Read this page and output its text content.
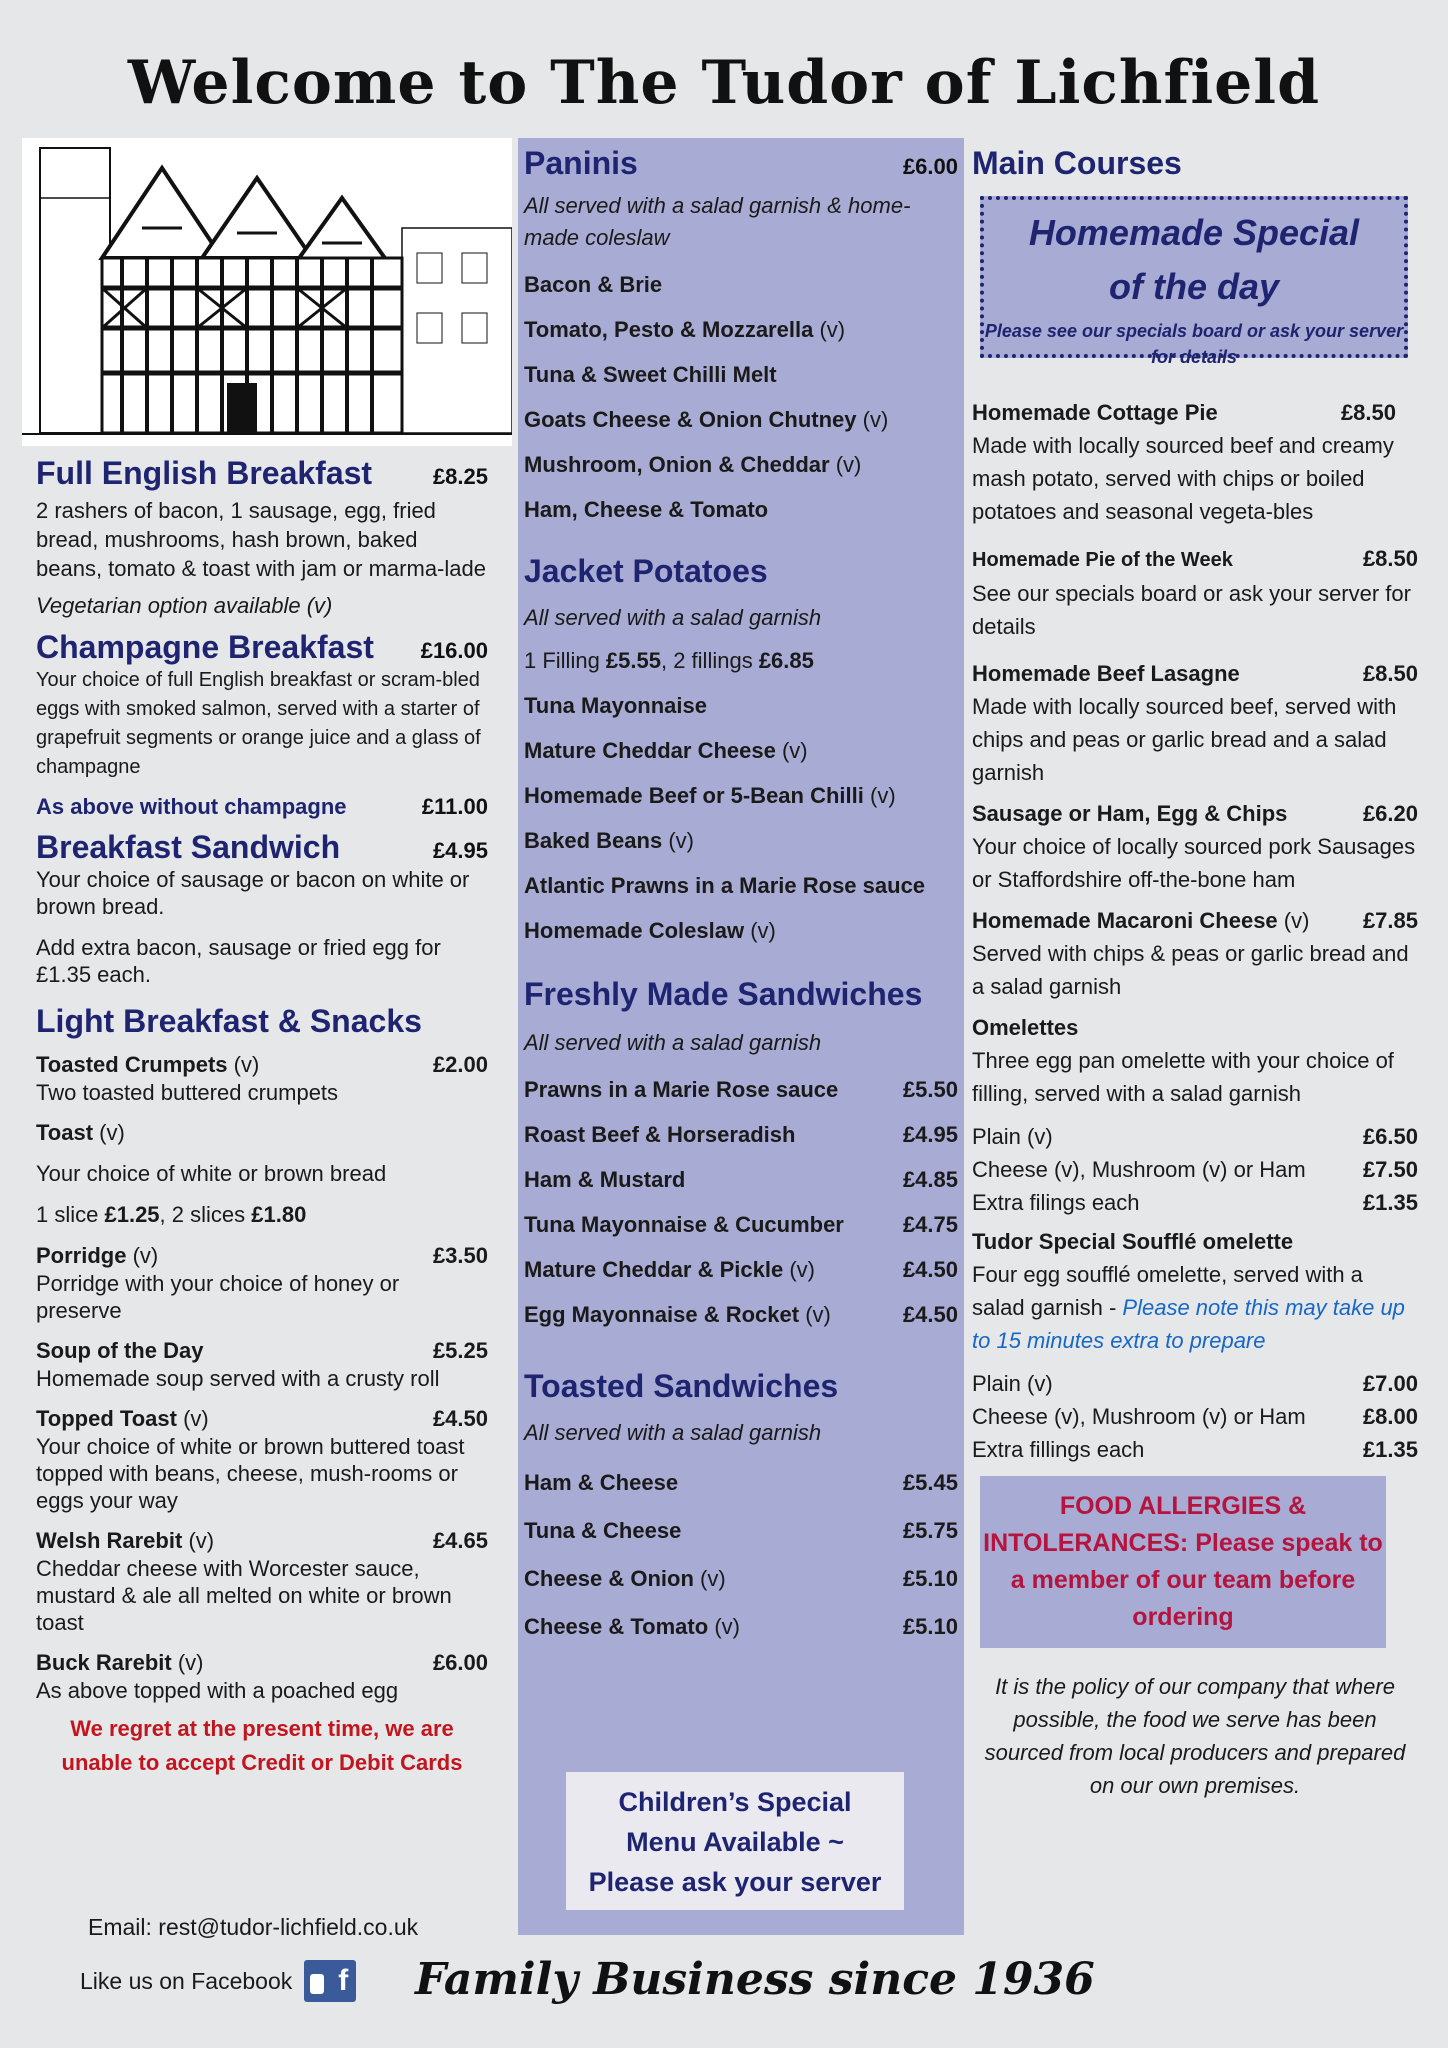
Welcome to The Tudor of Lichfield
Full English Breakfast	£8.25
2 rashers of bacon, 1 sausage, egg, fried bread, mushrooms, hash brown, baked beans, tomato & toast with jam or marma-lade
Vegetarian option available (v)
Champagne Breakfast £16.00
Your choice of full English breakfast or scram-bled eggs with smoked salmon, served with a starter of grapefruit segments or orange juice and a glass of champagne
As above without champagne	£11.00
Breakfast Sandwich	£4.95
Your choice of sausage or bacon on white or brown bread.
Add extra bacon, sausage or fried egg for £1.35 each.
Light Breakfast & Snacks
Toasted Crumpets (v)	£2.00
Two toasted buttered crumpets
Toast (v)
Your choice of white or brown bread
1 slice £1.25, 2 slices £1.80
Porridge (v)	£3.50
Porridge with your choice of honey or preserve
Soup of the Day	£5.25
Homemade soup served with a crusty roll
Topped Toast (v)	£4.50
Your choice of white or brown buttered toast topped with beans, cheese, mush-rooms or eggs your way
Welsh Rarebit (v)	£4.65
Cheddar cheese with Worcester sauce, mustard & ale all melted on white or brown toast
Buck Rarebit (v)	£6.00
As above topped with a poached egg
We regret at the present time, we are unable to accept Credit or Debit Cards
Email: rest@tudor-lichfield.co.uk
Like us on Facebook f
Paninis	£6.00
All served with a salad garnish & home-made coleslaw
Bacon & Brie
Tomato, Pesto & Mozzarella (v)
Tuna & Sweet Chilli Melt
Goats Cheese & Onion Chutney (v)
Mushroom, Onion & Cheddar (v)
Ham, Cheese & Tomato
Jacket Potatoes
All served with a salad garnish
1 Filling £5.55, 2 fillings £6.85
Tuna Mayonnaise
Mature Cheddar Cheese (v)
Homemade Beef or 5-Bean Chilli (v)
Baked Beans (v)
Atlantic Prawns in a Marie Rose sauce
Homemade Coleslaw (v)
Freshly Made Sandwiches
All served with a salad garnish
Prawns in a Marie Rose sauce	£5.50
Roast Beef & Horseradish	£4.95
Ham & Mustard	£4.85
Tuna Mayonnaise & Cucumber	£4.75
Mature Cheddar & Pickle (v)	£4.50
Egg Mayonnaise & Rocket (v)	£4.50
Toasted Sandwiches
All served with a salad garnish
Ham & Cheese	£5.45
Tuna & Cheese	£5.75
Cheese & Onion (v)	£5.10
Cheese & Tomato (v)	£5.10
Children’s Special
Menu Available ~
Please ask your server
Main Courses
Homemade Special
of the day
Please see our specials board or ask your server for details
Homemade Cottage Pie	£8.50
Made with locally sourced beef and creamy mash potato, served with chips or boiled potatoes and seasonal vegeta-bles
Homemade Pie of the Week	£8.50
See our specials board or ask your server for details
Homemade Beef Lasagne	£8.50
Made with locally sourced beef, served with chips and peas or garlic bread and a salad garnish
Sausage or Ham, Egg & Chips	£6.20
Your choice of locally sourced pork Sausages or Staffordshire off-the-bone ham
Homemade Macaroni Cheese (v) £7.85
Served with chips & peas or garlic bread and a salad garnish
Omelettes
Three egg pan omelette with your choice of filling, served with a salad garnish
Plain (v)	£6.50
Cheese (v), Mushroom (v) or Ham	£7.50
Extra filings each	£1.35
Tudor Special Soufflé omelette
Four egg soufflé omelette, served with a salad garnish - Please note this may take up to 15 minutes extra to prepare
Plain (v)	£7.00
Cheese (v), Mushroom (v) or Ham	£8.00
Extra fillings each	£1.35
FOOD ALLERGIES & INTOLERANCES: Please speak to a member of our team before ordering
It is the policy of our company that where possible, the food we serve has been sourced from local producers and prepared on our own premises.
Family Business since 1936
